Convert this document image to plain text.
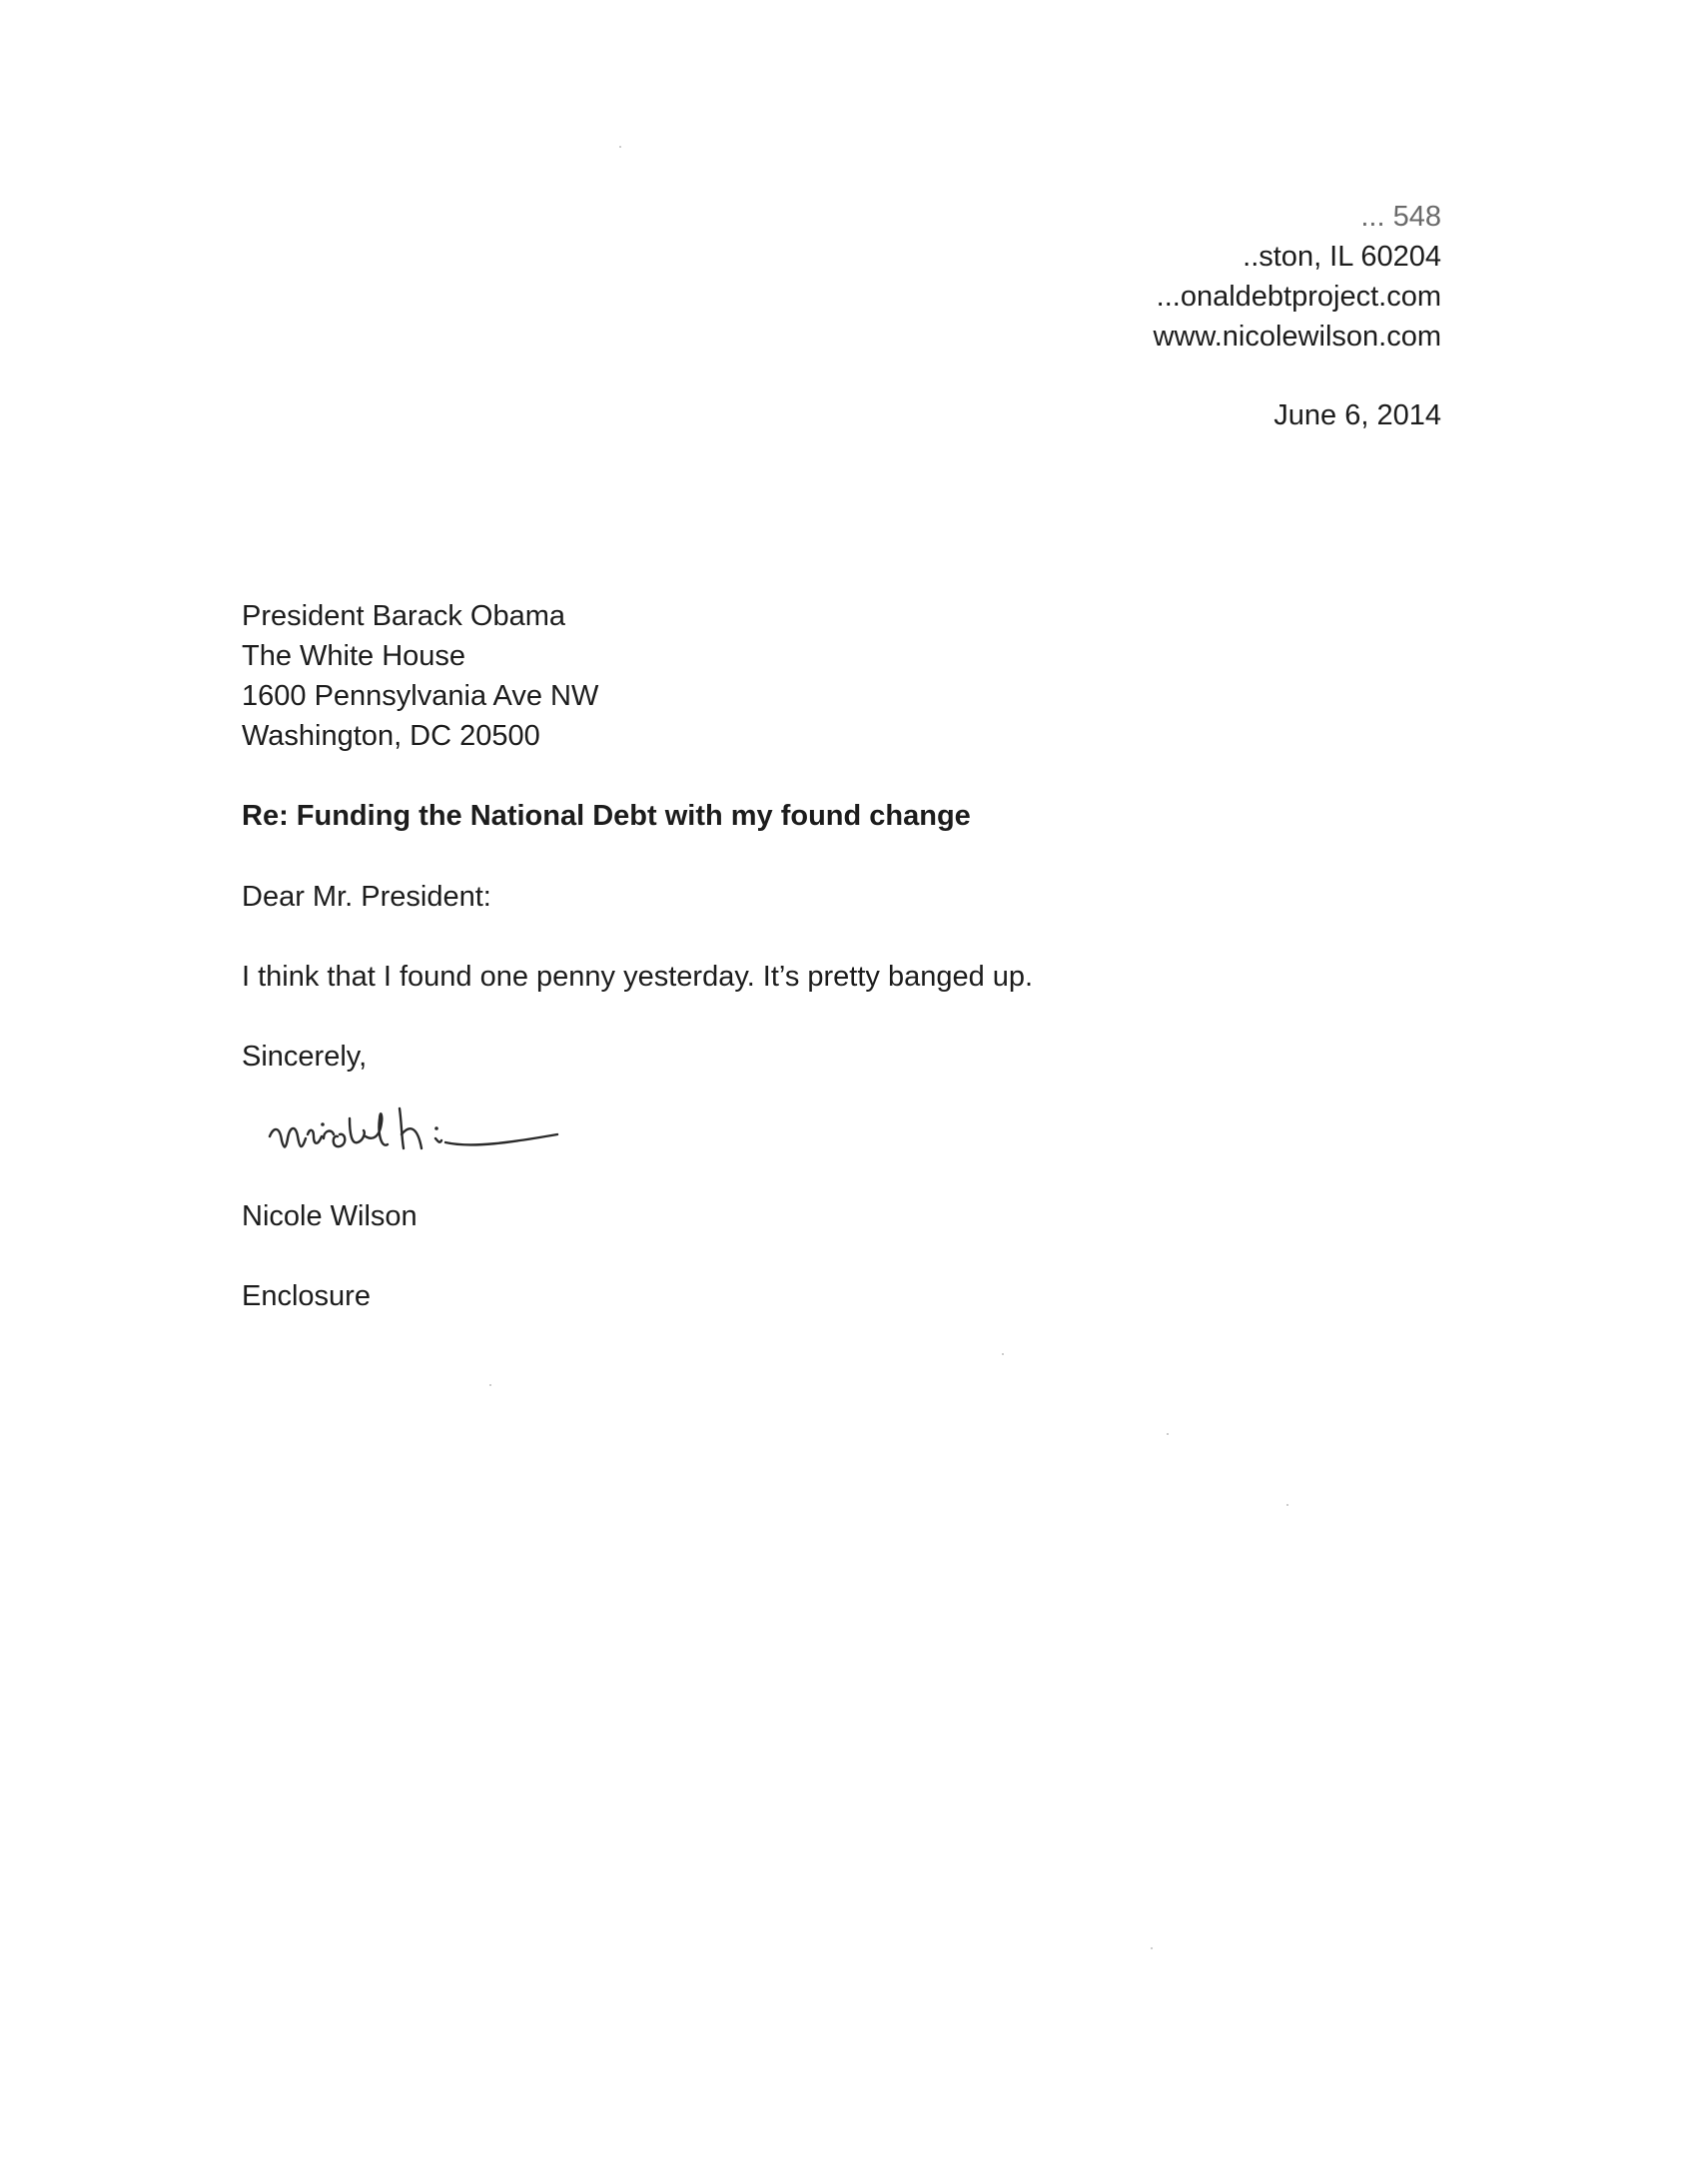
... 548
..ston, IL 60204
...onaldebtproject.com
www.nicolewilson.com
June 6, 2014
President Barack Obama
The White House
1600 Pennsylvania Ave NW
Washington, DC 20500
Re: Funding the National Debt with my found change
Dear Mr. President:
I think that I found one penny yesterday. It’s pretty banged up.
Sincerely,
Nicole Wilson
Enclosure
